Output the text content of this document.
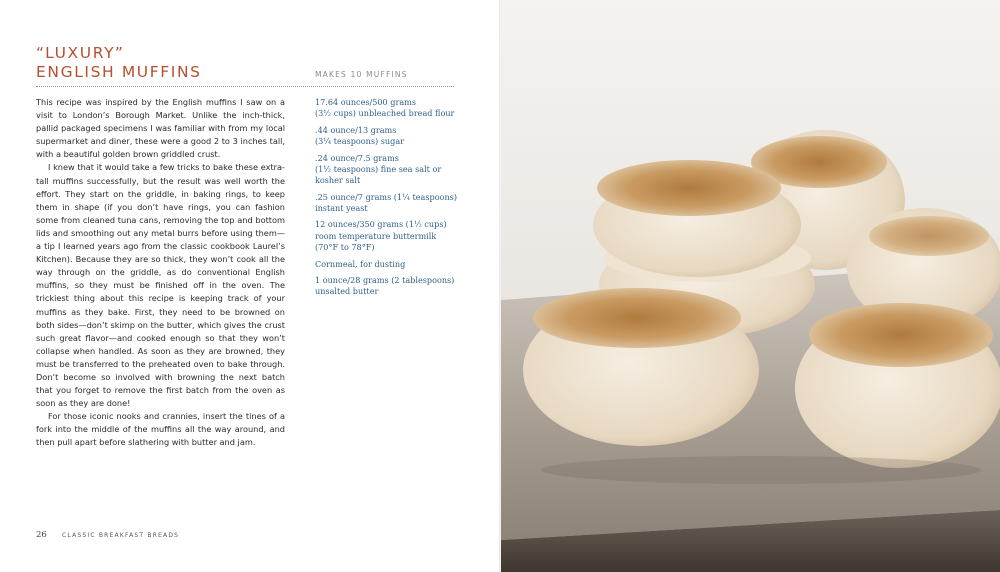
“LUXURY”
ENGLISH MUFFINS	MAKES 10 MUFFINS

This recipe was inspired by the English muffins I saw on a visit to London’s Borough Market. Unlike the inch-thick, pallid packaged specimens I was familiar with from my local supermarket and diner, these were a good 2 to 3 inches tall, with a beautiful golden brown griddled crust.

I knew that it would take a few tricks to bake these extra-tall muffins successfully, but the result was well worth the effort. They start on the griddle, in baking rings, to keep them in shape (if you don’t have rings, you can fashion some from cleaned tuna cans, removing the top and bottom lids and smoothing out any metal burrs before using them—a tip I learned years ago from the classic cookbook Laurel’s Kitchen). Because they are so thick, they won’t cook all the way through on the griddle, as do conventional English muffins, so they must be finished off in the oven. The trickiest thing about this recipe is keeping track of your muffins as they bake. First, they need to be browned on both sides—don’t skimp on the butter, which gives the crust such great flavor—and cooked enough so that they won’t collapse when handled. As soon as they are browned, they must be transferred to the preheated oven to bake through. Don’t become so involved with browning the next batch that you forget to remove the first batch from the oven as soon as they are done!

For those iconic nooks and crannies, insert the tines of a fork into the middle of the muffins all the way around, and then pull apart before slathering with butter and jam.

17.64 ounces/500 grams
(3½ cups) unbleached bread flour
.44 ounce/13 grams
(3¼ teaspoons) sugar
.24 ounce/7.5 grams
(1½ teaspoons) fine sea salt or
kosher salt
.25 ounce/7 grams (1¼ teaspoons)
instant yeast
12 ounces/350 grams (1½ cups)
room temperature buttermilk
(70°F to 78°F)
Cornmeal, for dusting
1 ounce/28 grams (2 tablespoons)
unsalted butter
26	CLASSIC BREAKFAST BREADS
